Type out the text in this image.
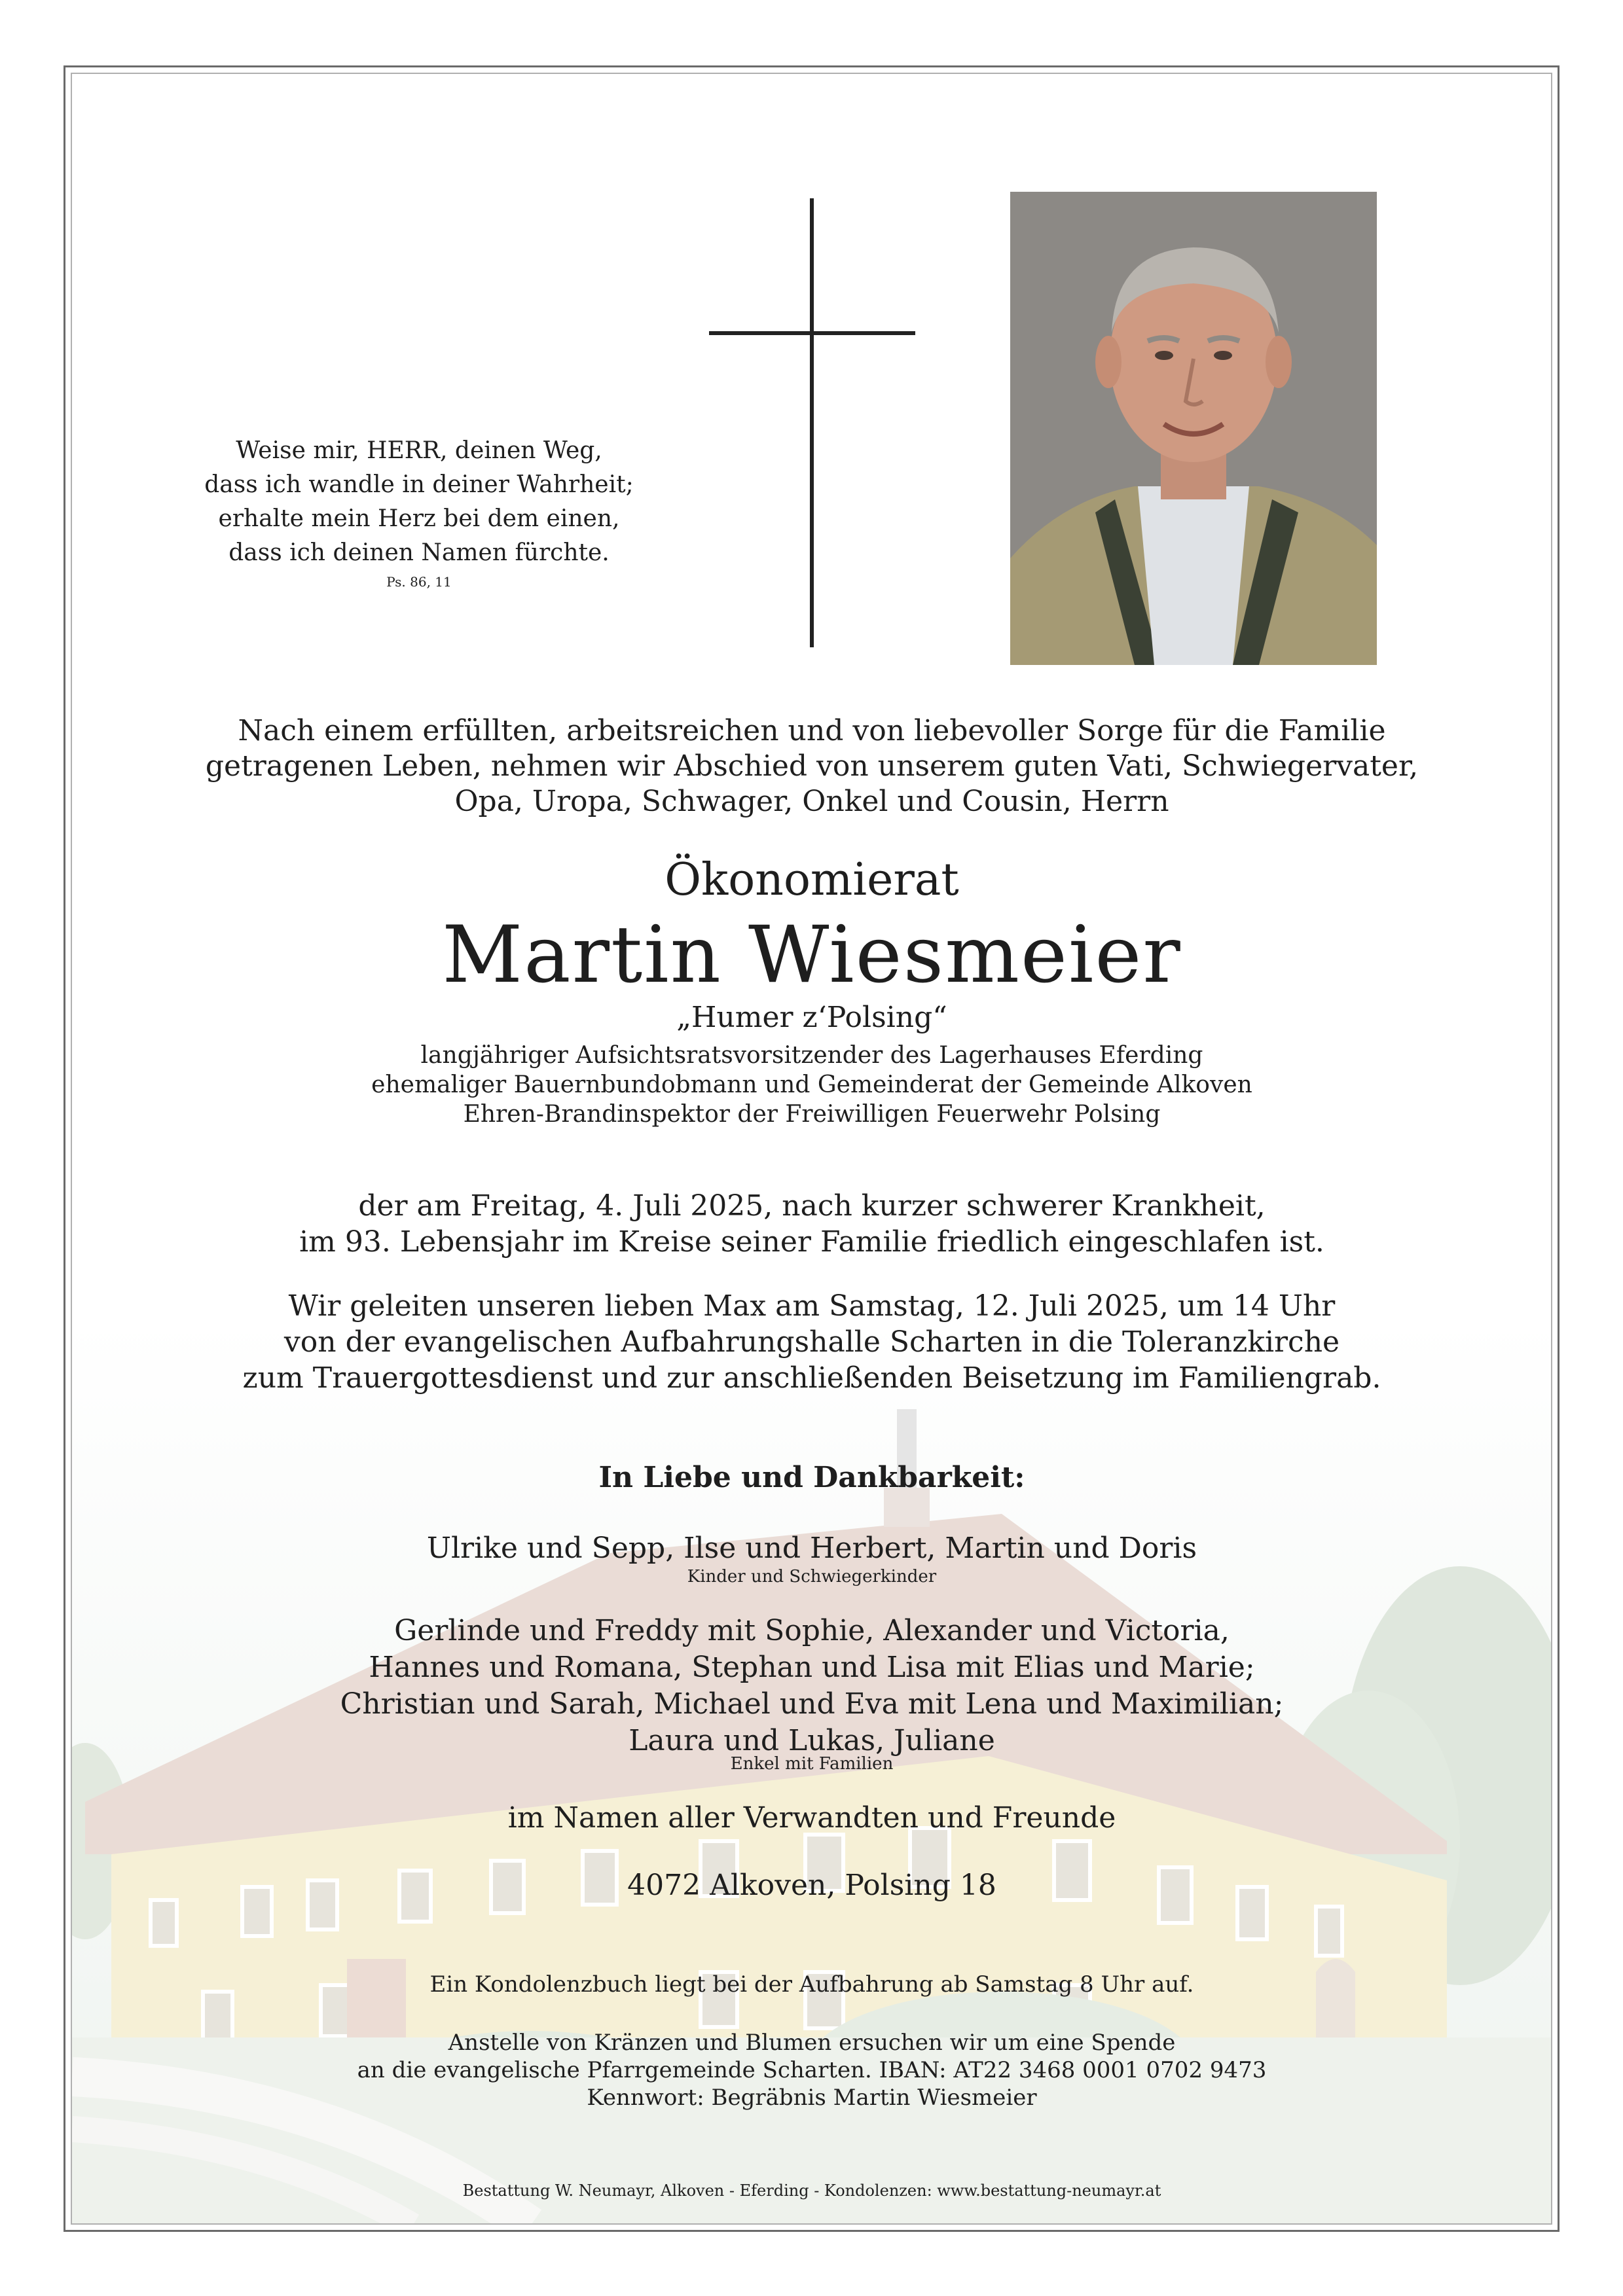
Weise mir, HERR, deinen Weg,
dass ich wandle in deiner Wahrheit;
erhalte mein Herz bei dem einen,
dass ich deinen Namen fürchte.
Ps. 86, 11
Nach einem erfüllten, arbeitsreichen und von liebevoller Sorge für die Familie
getragenen Leben, nehmen wir Abschied von unserem guten Vati, Schwiegervater,
Opa, Uropa, Schwager, Onkel und Cousin, Herrn
Ökonomierat
Martin Wiesmeier
„Humer z‘Polsing“
langjähriger Aufsichtsratsvorsitzender des Lagerhauses Eferding
ehemaliger Bauernbundobmann und Gemeinderat der Gemeinde Alkoven
Ehren-Brandinspektor der Freiwilligen Feuerwehr Polsing
der am Freitag, 4. Juli 2025, nach kurzer schwerer Krankheit,
im 93. Lebensjahr im Kreise seiner Familie friedlich eingeschlafen ist.
Wir geleiten unseren lieben Max am Samstag, 12. Juli 2025, um 14 Uhr
von der evangelischen Aufbahrungshalle Scharten in die Toleranzkirche
zum Trauergottesdienst und zur anschließenden Beisetzung im Familiengrab.
In Liebe und Dankbarkeit:
Ulrike und Sepp, Ilse und Herbert, Martin und Doris
Kinder und Schwiegerkinder
Gerlinde und Freddy mit Sophie, Alexander und Victoria,
Hannes und Romana, Stephan und Lisa mit Elias und Marie;
Christian und Sarah, Michael und Eva mit Lena und Maximilian;
Laura und Lukas, Juliane
Enkel mit Familien
im Namen aller Verwandten und Freunde
4072 Alkoven, Polsing 18
Ein Kondolenzbuch liegt bei der Aufbahrung ab Samstag 8 Uhr auf.
Anstelle von Kränzen und Blumen ersuchen wir um eine Spende
an die evangelische Pfarrgemeinde Scharten. IBAN: AT22 3468 0001 0702 9473
Kennwort: Begräbnis Martin Wiesmeier
Bestattung W. Neumayr, Alkoven - Eferding - Kondolenzen: www.bestattung-neumayr.at
